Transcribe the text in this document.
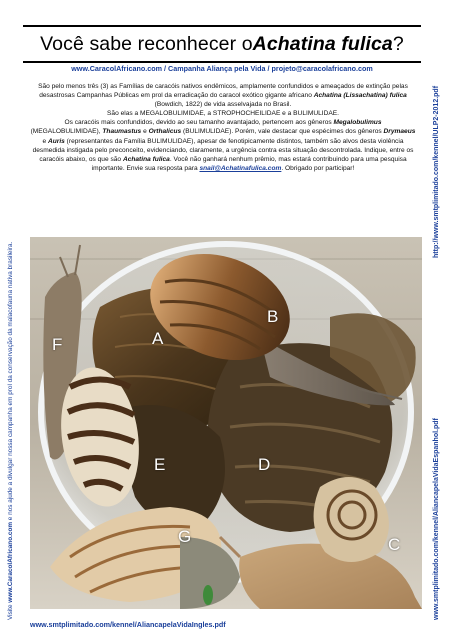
Você sabe reconhecer o Achatina fulica ?
www.CaracolAfricano.com / Campanha Aliança pela Vida / projeto@caracolafricano.com

São pelo menos três (3) as Famílias de caracóis nativos endêmicos, amplamente confundidos e ameaçados de extinção pelas desastrosas Campanhas Públicas em prol da erradicação do caracol exótico gigante africano Achatina (Lissachatina) fulica (Bowdich, 1822) de vida asselvajada no Brasil.

São elas a MEGALOBULIMIDAE, a STROPHOCHEILIDAE e a BULIMULIDAE.

Os caracóis mais confundidos, devido ao seu tamanho avantajado, pertencem aos gêneros Megalobulimus (MEGALOBULIMIDAE), Thaumastus e Orthalicus (BULIMULIDAE). Porém, vale destacar que espécimes dos gêneros Drymaeus e Auris (representantes da Família BULIMULIDAE), apesar de fenotipicamente distintos, também são alvos desta violência desmedida instigada pelo preconceito, evidenciando, claramente, a urgência contra esta situação descontrolada. Indique, entre os caracóis abaixo, os que são Achatina fulica. Você não ganhará nenhum prêmio, mas estará contribuindo para uma pesquisa importante. Envie sua resposta para snail@Achatinafulica.com. Obrigado por participar!

A
B
C
D
E
F
G
www.smtplimitado.com/kennel/AliancapelaVidaIngles.pdf
http://www.smtplimitado.com/kennel/ULP2-2012.pdf
www.smtplimitado.com/kennel/AliancapelaVidaEspanhol.pdf
Visite www.CaracolAfricano.com e nos ajude a divulgar nossa campanha em prol da conservação da malacofauna nativa brasileira.
